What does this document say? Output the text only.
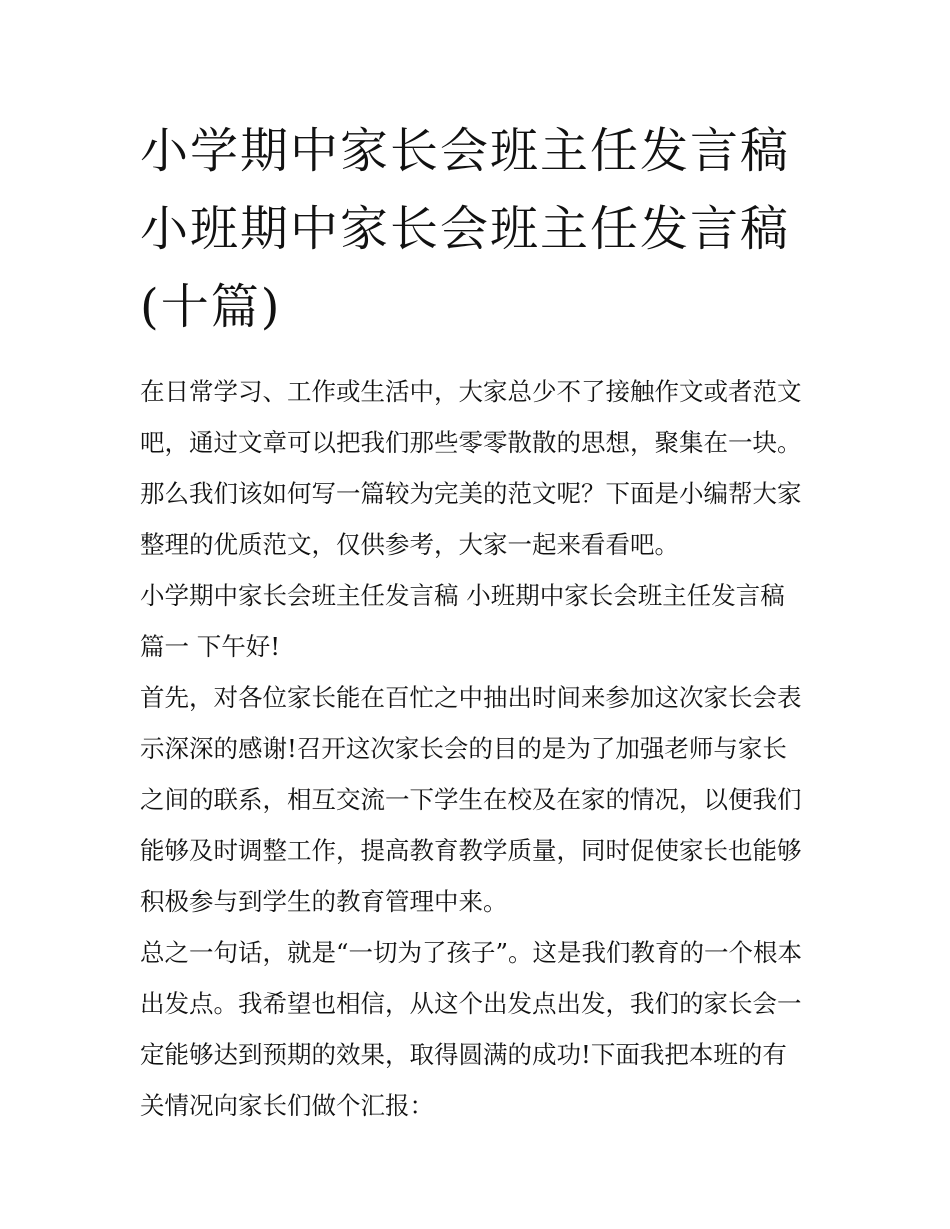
小学期中家长会班主任发言稿
小班期中家长会班主任发言稿
(十篇)

在日常学习、工作或生活中，大家总少不了接触作文或者范文
吧，通过文章可以把我们那些零零散散的思想，聚集在一块。
那么我们该如何写一篇较为完美的范文呢？下面是小编帮大家
整理的优质范文，仅供参考，大家一起来看看吧。

小学期中家长会班主任发言稿 小班期中家长会班主任发言稿
篇一 下午好!

首先，对各位家长能在百忙之中抽出时间来参加这次家长会表
示深深的感谢!召开这次家长会的目的是为了加强老师与家长
之间的联系，相互交流一下学生在校及在家的情况，以便我们
能够及时调整工作，提高教育教学质量，同时促使家长也能够
积极参与到学生的教育管理中来。

总之一句话，就是“一切为了孩子”。这是我们教育的一个根本
出发点。我希望也相信，从这个出发点出发，我们的家长会一
定能够达到预期的效果，取得圆满的成功!下面我把本班的有
关情况向家长们做个汇报：
